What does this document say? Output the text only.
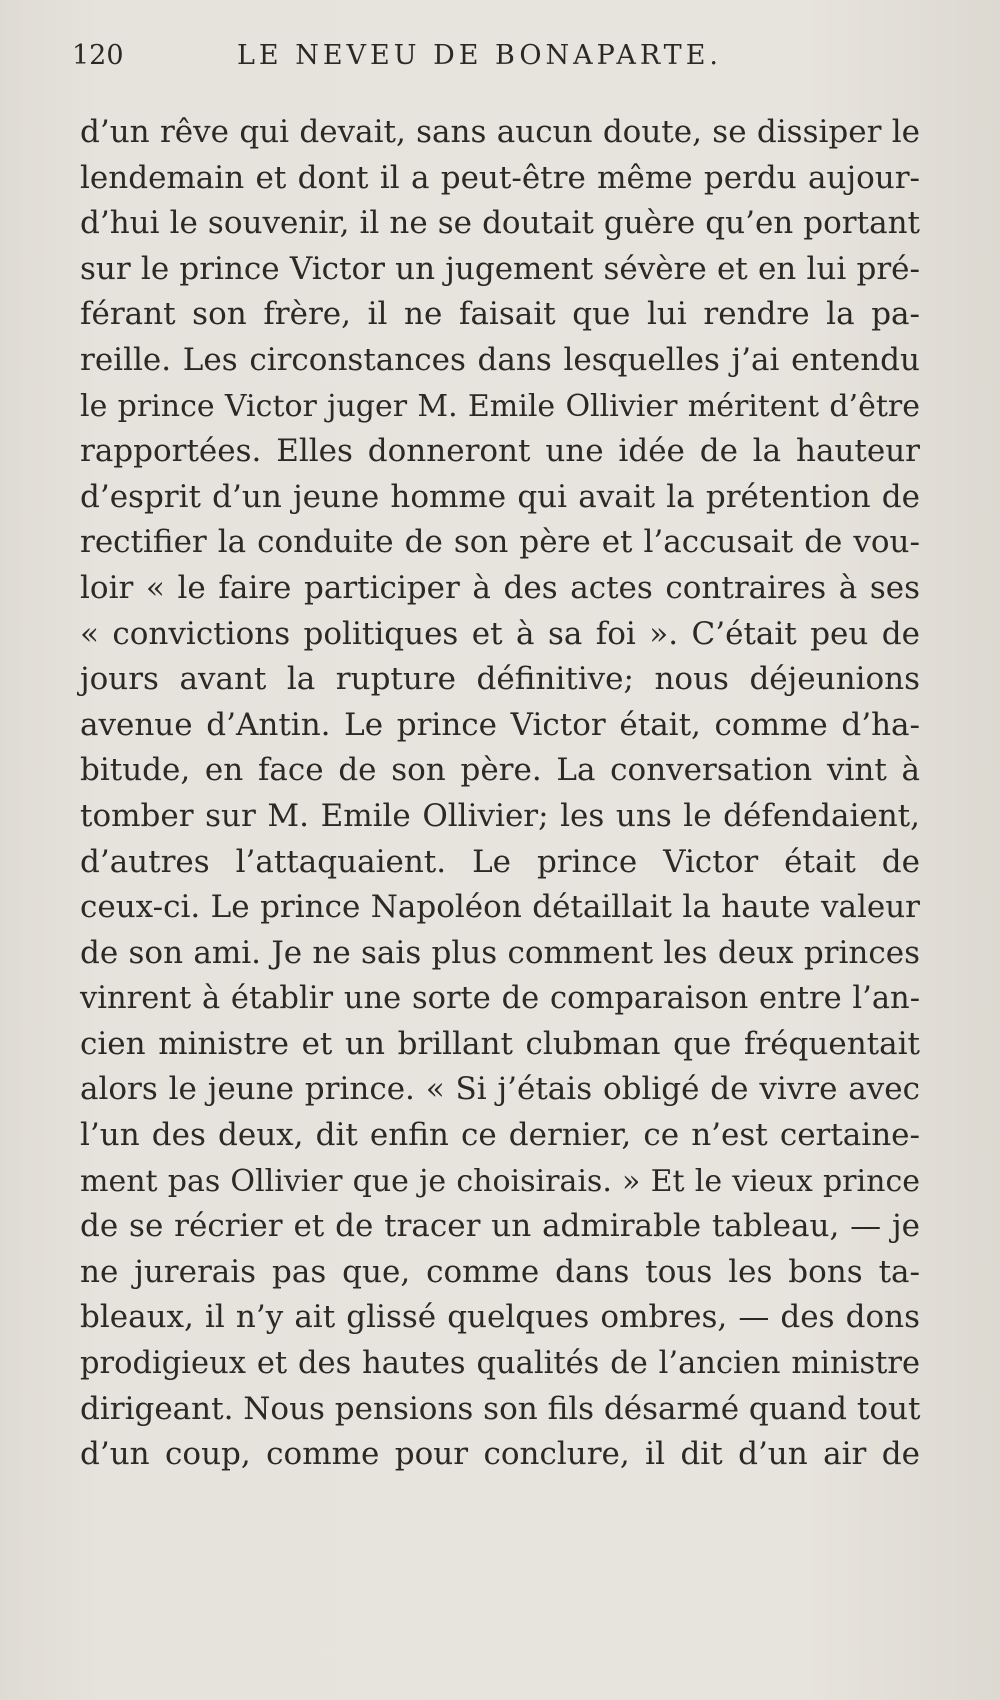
120	LE NEVEU DE BONAPARTE.
d’un rêve qui devait, sans aucun doute, se dissiper le
lendemain et dont il a peut-être même perdu aujour-
d’hui le souvenir, il ne se doutait guère qu’en portant
sur le prince Victor un jugement sévère et en lui pré-
férant son frère, il ne faisait que lui rendre la pa-
reille. Les circonstances dans lesquelles j’ai entendu
le prince Victor juger M. Emile Ollivier méritent d’être
rapportées. Elles donneront une idée de la hauteur
d’esprit d’un jeune homme qui avait la prétention de
rectifier la conduite de son père et l’accusait de vou-
loir « le faire participer à des actes contraires à ses
« convictions politiques et à sa foi ». C’était peu de
jours avant la rupture définitive; nous déjeunions
avenue d’Antin. Le prince Victor était, comme d’ha-
bitude, en face de son père. La conversation vint à
tomber sur M. Emile Ollivier; les uns le défendaient,
d’autres l’attaquaient. Le prince Victor était de
ceux-ci. Le prince Napoléon détaillait la haute valeur
de son ami. Je ne sais plus comment les deux princes
vinrent à établir une sorte de comparaison entre l’an-
cien ministre et un brillant clubman que fréquentait
alors le jeune prince. « Si j’étais obligé de vivre avec
l’un des deux, dit enfin ce dernier, ce n’est certaine-
ment pas Ollivier que je choisirais. » Et le vieux prince
de se récrier et de tracer un admirable tableau, — je
ne jurerais pas que, comme dans tous les bons ta-
bleaux, il n’y ait glissé quelques ombres, — des dons
prodigieux et des hautes qualités de l’ancien ministre
dirigeant. Nous pensions son fils désarmé quand tout
d’un coup, comme pour conclure, il dit d’un air de
